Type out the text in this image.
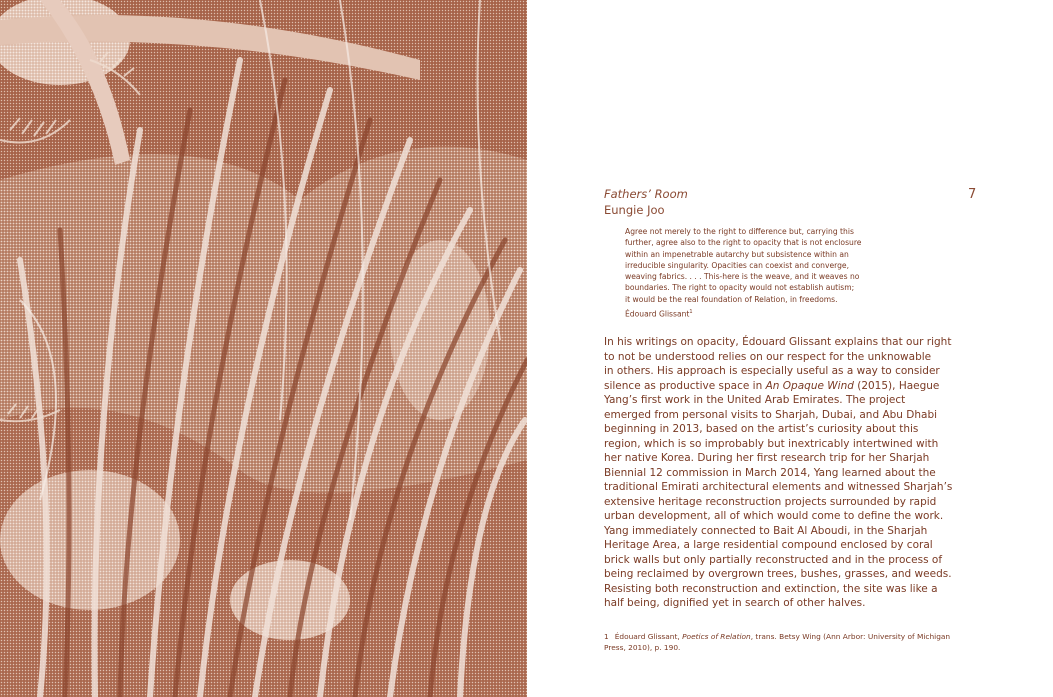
7
Fathers’ Room
Eungie Joo
Agree not merely to the right to difference but, carrying this
further, agree also to the right to opacity that is not enclosure
within an impenetrable autarchy but subsistence within an
irreducible singularity. Opacities can coexist and converge,
weaving fabrics. . . . This-here is the weave, and it weaves no
boundaries. The right to opacity would not establish autism;
it would be the real foundation of Relation, in freedoms.
Édouard Glissant$^1$
In his writings on opacity, Édouard Glissant explains that our right
to not be understood relies on our respect for the unknowable
in others. His approach is especially useful as a way to consider
silence as productive space in An Opaque Wind (2015), Haegue
Yang’s first work in the United Arab Emirates. The project
emerged from personal visits to Sharjah, Dubai, and Abu Dhabi
beginning in 2013, based on the artist’s curiosity about this
region, which is so improbably but inextricably intertwined with
her native Korea. During her first research trip for her Sharjah
Biennial 12 commission in March 2014, Yang learned about the
traditional Emirati architectural elements and witnessed Sharjah’s
extensive heritage reconstruction projects surrounded by rapid
urban development, all of which would come to define the work.
Yang immediately connected to Bait Al Aboudi, in the Sharjah
Heritage Area, a large residential compound enclosed by coral
brick walls but only partially reconstructed and in the process of
being reclaimed by overgrown trees, bushes, grasses, and weeds.
Resisting both reconstruction and extinction, the site was like a
half being, dignified yet in search of other halves.
1 Édouard Glissant, Poetics of Relation, trans. Betsy Wing (Ann Arbor: University of Michigan
Press, 2010), p. 190.
